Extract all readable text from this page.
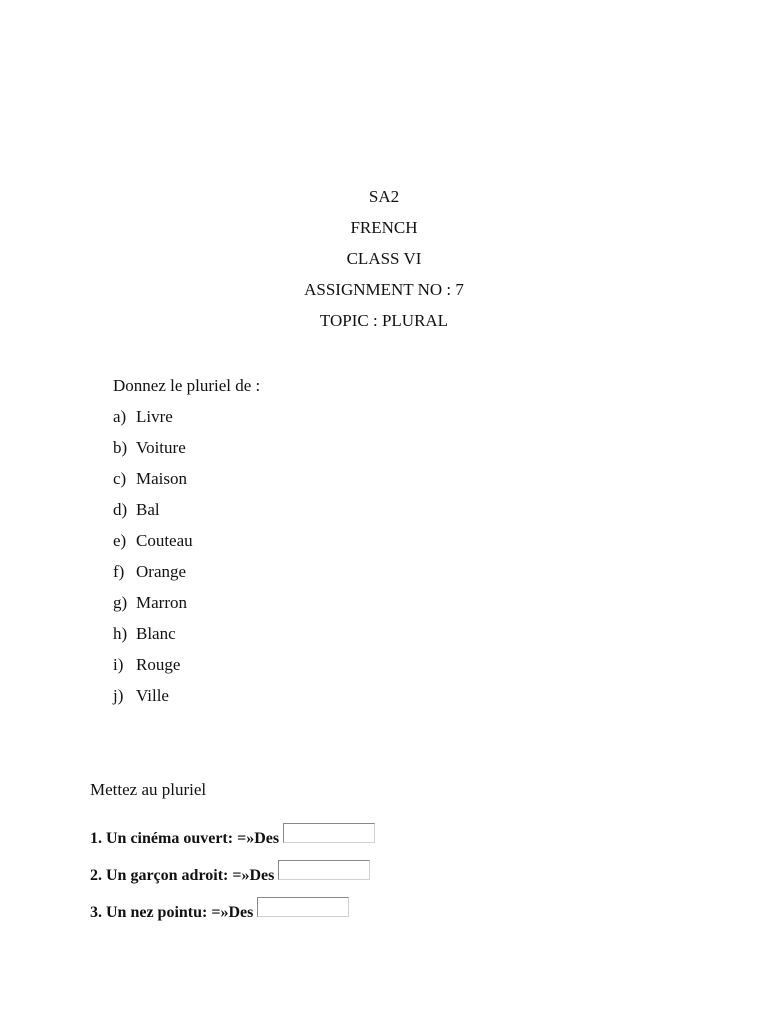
SA2
FRENCH
CLASS VI
ASSIGNMENT NO : 7
TOPIC : PLURAL
Donnez le pluriel de :
a) Livre
b) Voiture
c) Maison
d) Bal
e) Couteau
f) Orange
g) Marron
h) Blanc
i) Rouge
j) Ville
Mettez au pluriel
1. Un cinéma ouvert: =»Des
2. Un garçon adroit: =»Des
3. Un nez pointu: =»Des
